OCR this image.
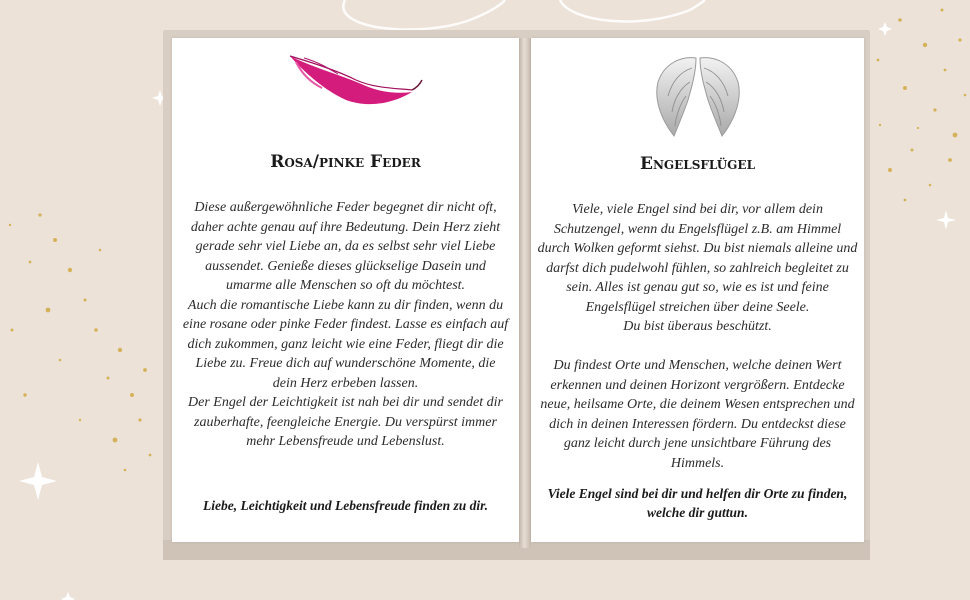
Rosa/pinke Feder

Diese außergewöhnliche Feder begegnet dir nicht oft, daher achte genau auf ihre Bedeutung. Dein Herz zieht gerade sehr viel Liebe an, da es selbst sehr viel Liebe aussendet. Genieße dieses glückselige Dasein und umarme alle Menschen so oft du möchtest.

Auch die romantische Liebe kann zu dir finden, wenn du eine rosane oder pinke Feder findest. Lasse es einfach auf dich zukommen, ganz leicht wie eine Feder, fliegt dir die Liebe zu. Freue dich auf wunderschöne Momente, die dein Herz erbeben lassen.

Der Engel der Leichtigkeit ist nah bei dir und sendet dir zauberhafte, feengleiche Energie. Du verspürst immer mehr Lebensfreude und Lebenslust.

Liebe, Leichtigkeit und Lebensfreude finden zu dir.

Engelsflügel

Viele, viele Engel sind bei dir, vor allem dein Schutzengel, wenn du Engelsflügel z.B. am Himmel durch Wolken geformt siehst. Du bist niemals alleine und darfst dich pudelwohl fühlen, so zahlreich begleitet zu sein. Alles ist genau gut so, wie es ist und feine Engelsflügel streichen über deine Seele.

Du bist überaus beschützt.

Du findest Orte und Menschen, welche deinen Wert erkennen und deinen Horizont vergrößern. Entdecke neue, heilsame Orte, die deinem Wesen entsprechen und dich in deinen Interessen fördern. Du entdeckst diese ganz leicht durch jene unsichtbare Führung des Himmels.

Viele Engel sind bei dir und helfen dir Orte zu finden, welche dir guttun.
